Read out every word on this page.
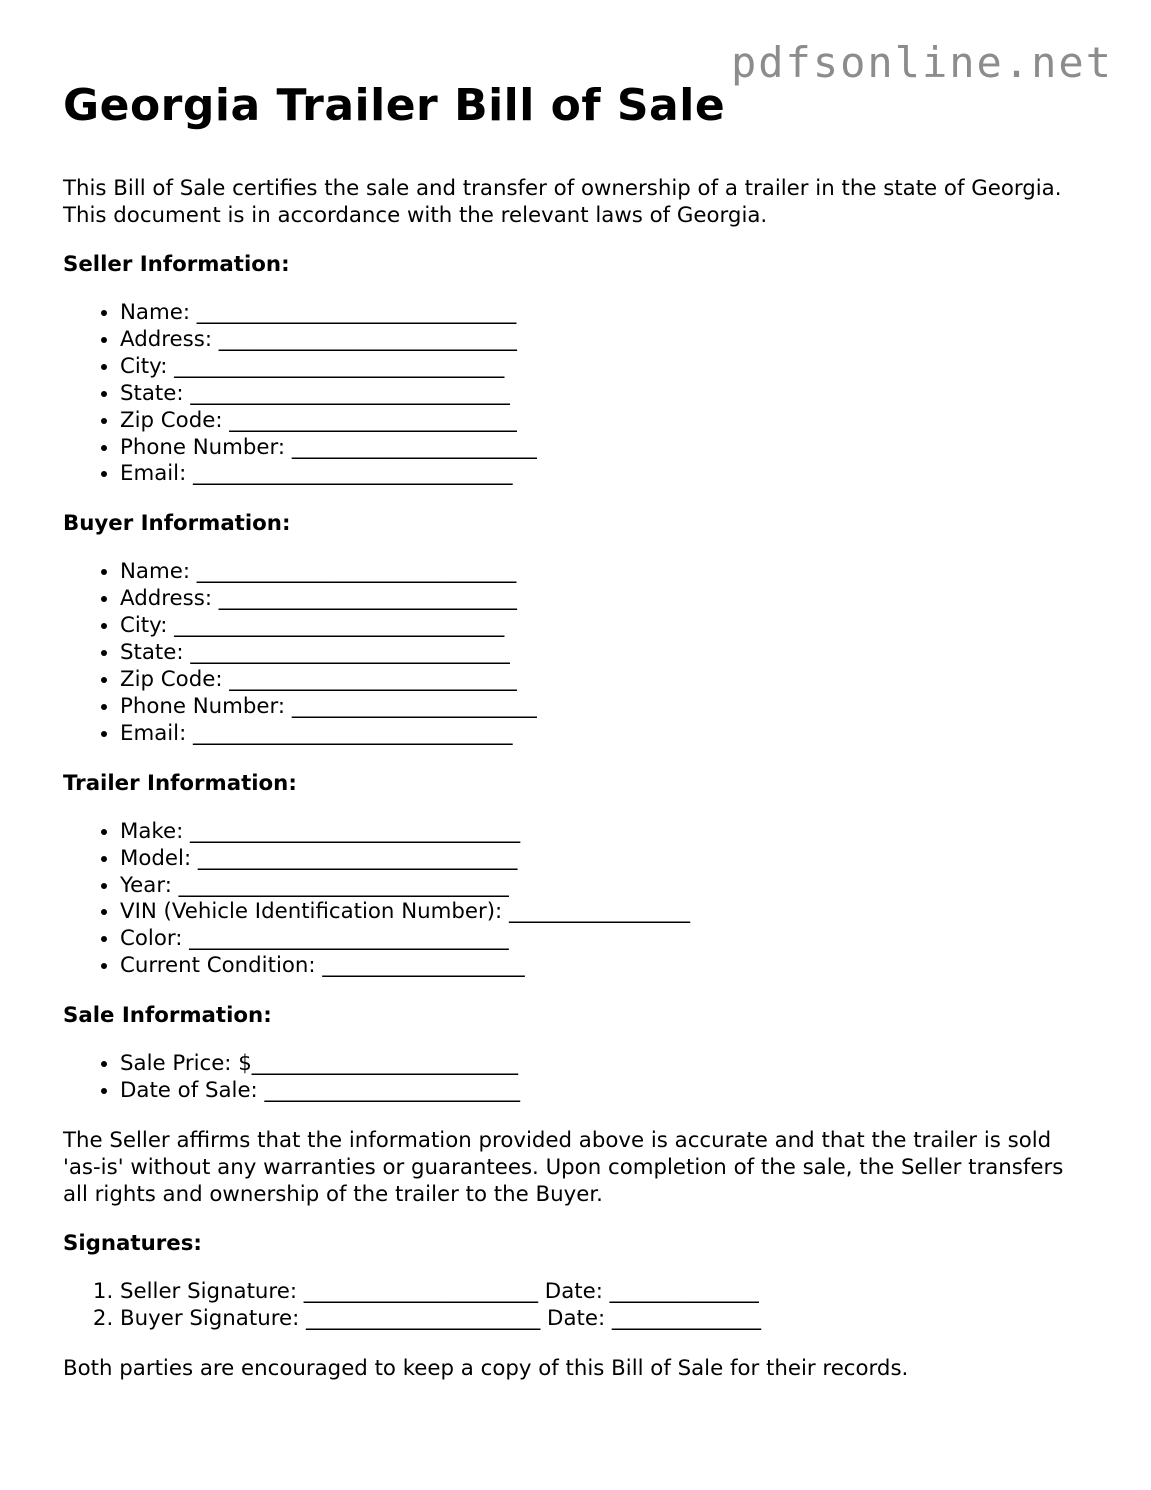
pdfsonline.net
Georgia Trailer Bill of Sale

This Bill of Sale certifies the sale and transfer of ownership of a trailer in the state of Georgia. This document is in accordance with the relevant laws of Georgia.

Seller Information:
• Name: ______________________________
• Address: ____________________________
• City: _______________________________
• State: ______________________________
• Zip Code: ___________________________
• Phone Number: _______________________
• Email: ______________________________
Buyer Information:
• Name: ______________________________
• Address: ____________________________
• City: _______________________________
• State: ______________________________
• Zip Code: ___________________________
• Phone Number: _______________________
• Email: ______________________________
Trailer Information:
• Make: _______________________________
• Model: ______________________________
• Year: _______________________________
• VIN (Vehicle Identification Number): _________________
• Color: ______________________________
• Current Condition: ___________________
Sale Information:
• Sale Price: $_________________________
• Date of Sale: ________________________

The Seller affirms that the information provided above is accurate and that the trailer is sold 'as-is' without any warranties or guarantees. Upon completion of the sale, the Seller transfers all rights and ownership of the trailer to the Buyer.

Signatures:
1. Seller Signature: ______________________ Date: ______________
2. Buyer Signature: ______________________ Date: ______________

Both parties are encouraged to keep a copy of this Bill of Sale for their records.
